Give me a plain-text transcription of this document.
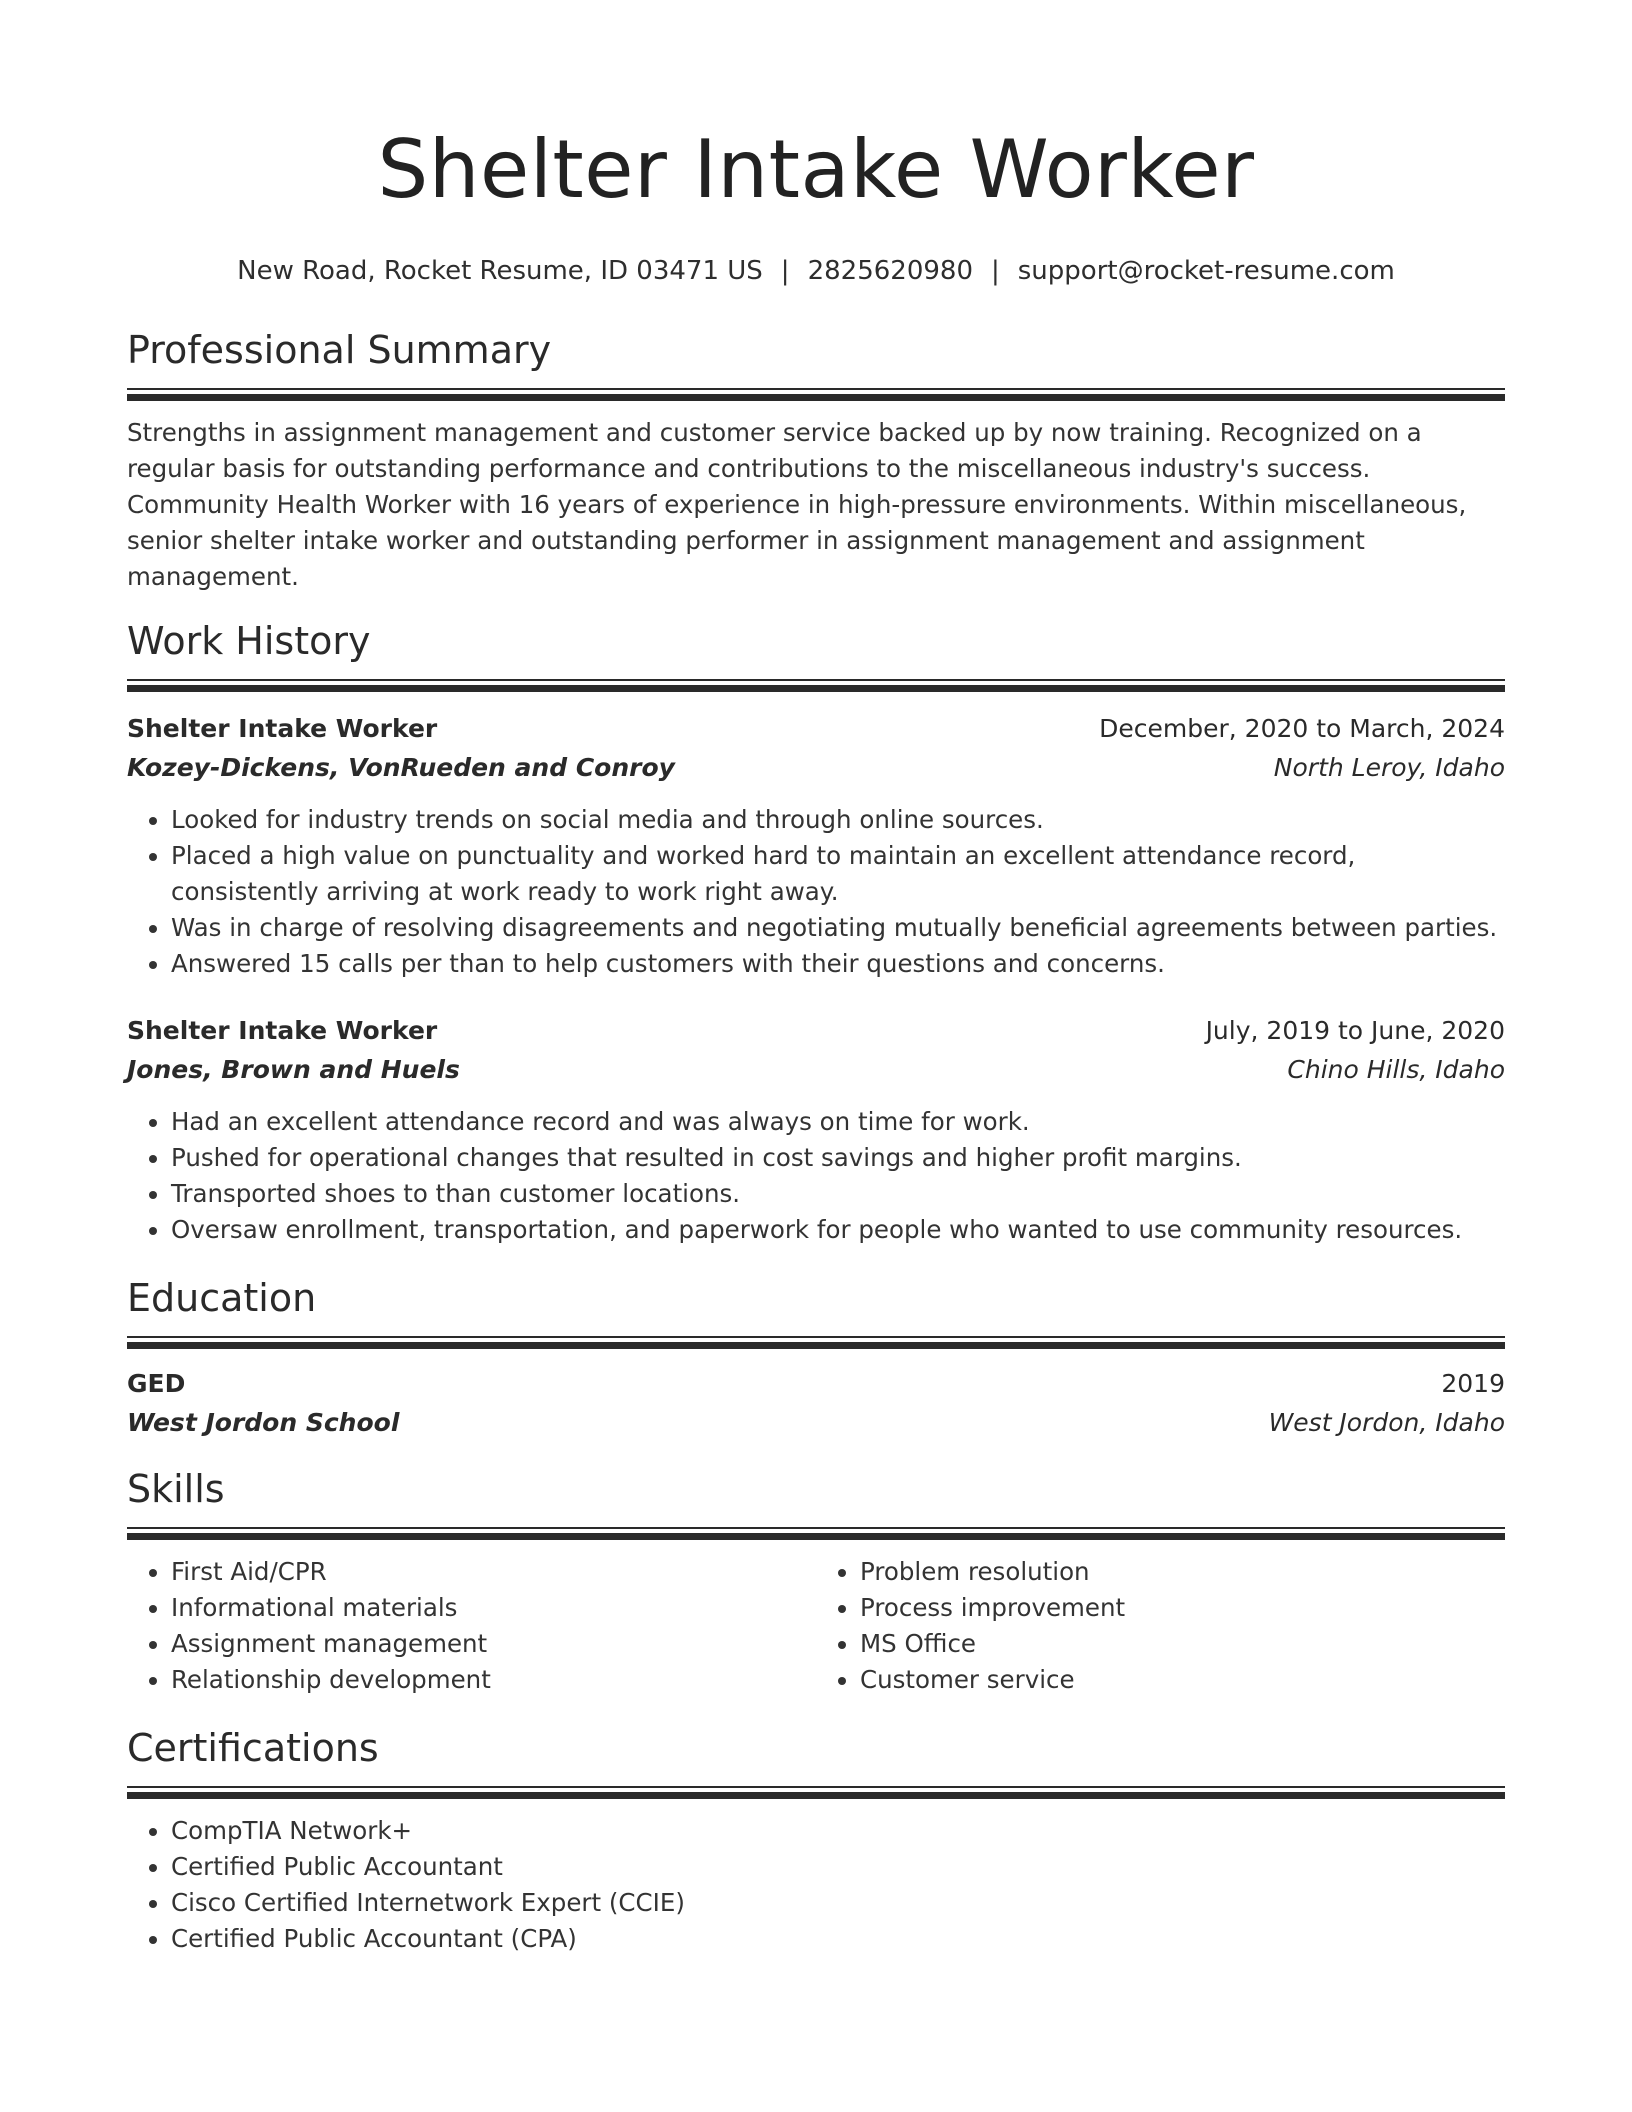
Shelter Intake Worker
New Road, Rocket Resume, ID 03471 US | 2825620980 | support@rocket-resume.com
Professional Summary
Strengths in assignment management and customer service backed up by now training. Recognized on a regular basis for outstanding performance and contributions to the miscellaneous industry's success. Community Health Worker with 16 years of experience in high-pressure environments. Within miscellaneous, senior shelter intake worker and outstanding performer in assignment management and assignment management.
Work History
Shelter Intake Worker	December, 2020 to March, 2024
Kozey-Dickens, VonRueden and Conroy	North Leroy, Idaho
• Looked for industry trends on social media and through online sources.
• Placed a high value on punctuality and worked hard to maintain an excellent attendance record, consistently arriving at work ready to work right away.
• Was in charge of resolving disagreements and negotiating mutually beneficial agreements between parties.
• Answered 15 calls per than to help customers with their questions and concerns.
Shelter Intake Worker	July, 2019 to June, 2020
Jones, Brown and Huels	Chino Hills, Idaho
• Had an excellent attendance record and was always on time for work.
• Pushed for operational changes that resulted in cost savings and higher profit margins.
• Transported shoes to than customer locations.
• Oversaw enrollment, transportation, and paperwork for people who wanted to use community resources.
Education
GED	2019
West Jordon School	West Jordon, Idaho
Skills
• First Aid/CPR
• Informational materials
• Assignment management
• Relationship development
• Problem resolution
• Process improvement
• MS Office
• Customer service
Certifications
• CompTIA Network+
• Certified Public Accountant
• Cisco Certified Internetwork Expert (CCIE)
• Certified Public Accountant (CPA)
